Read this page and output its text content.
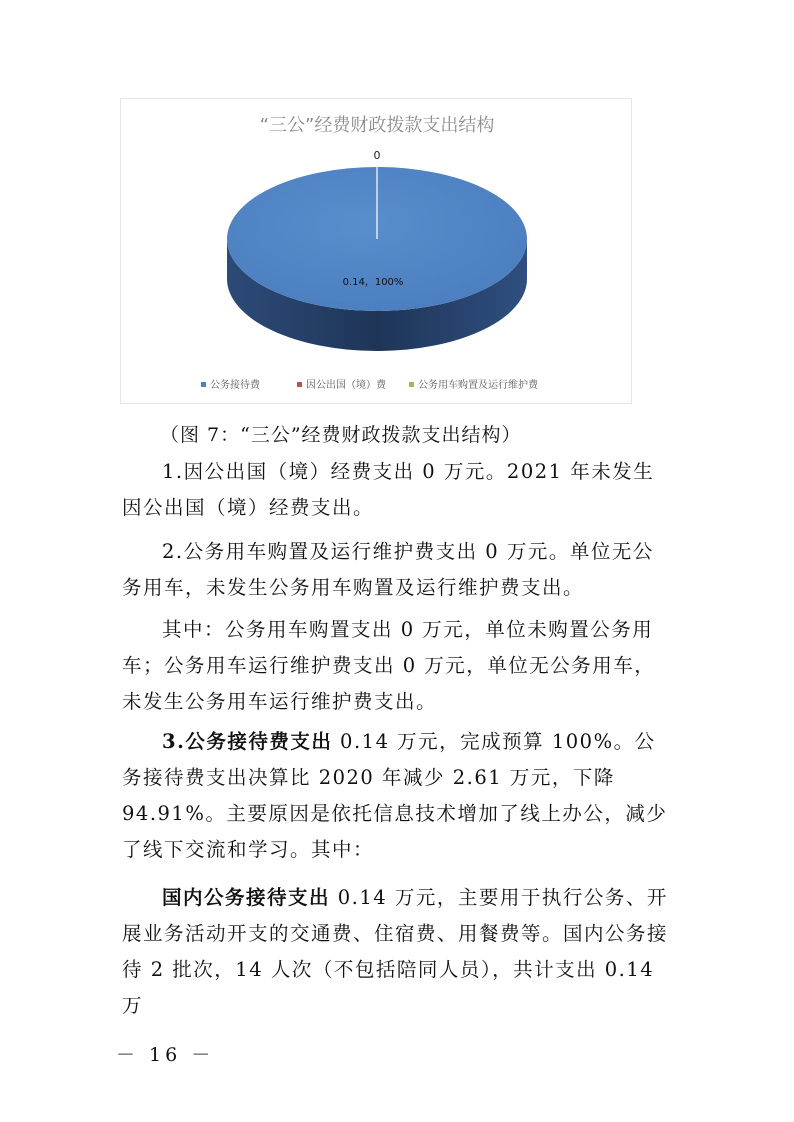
“三公”经费财政拨款支出结构
0
0.14，100%
公务接待费	因公出国（境）费	公务用车购置及运行维护费
（图 7：“三公”经费财政拨款支出结构）

1.因公出国（境）经费支出 0 万元。2021 年未发生因公出国（境）经费支出。

2.公务用车购置及运行维护费支出 0 万元。单位无公务用车，未发生公务用车购置及运行维护费支出。

其中：公务用车购置支出 0 万元，单位未购置公务用车；公务用车运行维护费支出 0 万元，单位无公务用车，未发生公务用车运行维护费支出。

3.公务接待费支出 0.14 万元，完成预算 100%。公务接待费支出决算比 2020 年减少 2.61 万元，下降 94.91%。主要原因是依托信息技术增加了线上办公，减少了线下交流和学习。其中：

国内公务接待支出 0.14 万元，主要用于执行公务、开展业务活动开支的交通费、住宿费、用餐费等。国内公务接待 2 批次，14 人次（不包括陪同人员），共计支出 0.14 万

－ 16 －
